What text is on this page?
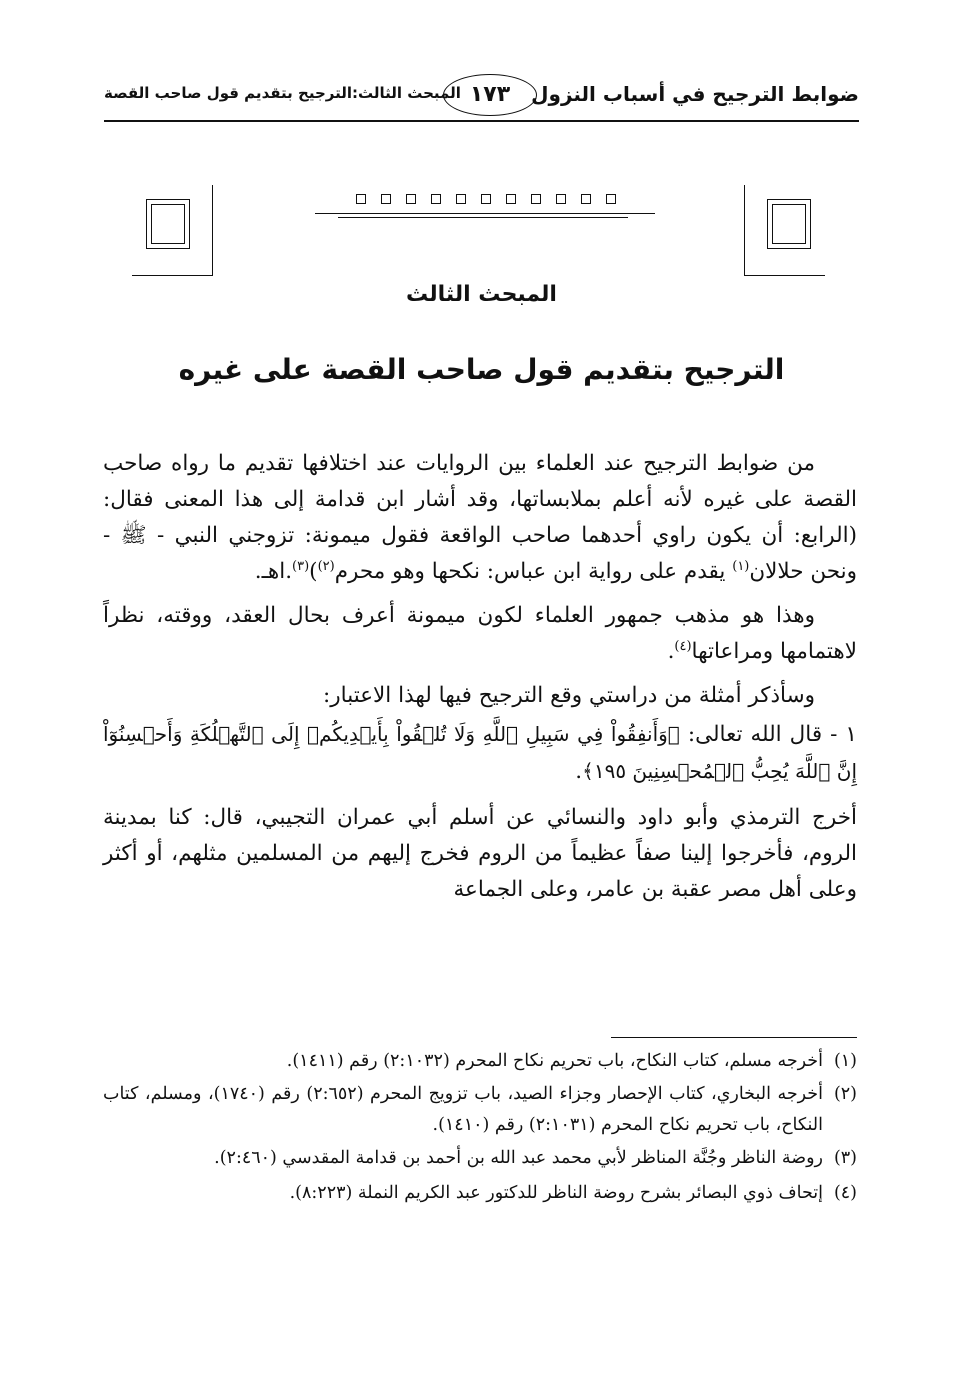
ضوابط الترجيح في أسباب النزول
١٧٣
المبحث الثالث:الترجيح بتقديم قول صاحب القصة
المبحث الثالث
الترجيح بتقديم قول صاحب القصة على غيره

من ضوابط الترجيح عند العلماء بين الروايات عند اختلافها تقديم ما رواه صاحب القصة على غيره لأنه أعلم بملابساتها، وقد أشار ابن قدامة إلى هذا المعنى فقال: (الرابع: أن يكون راوي أحدهما صاحب الواقعة فقول ميمونة: تزوجني النبي - ﷺ - ونحن حلالان$^{(١)}$ يقدم على رواية ابن عباس: نكحها وهو محرم$^{(٢)}$)$^{(٣)}$.اهـ.

وهذا هو مذهب جمهور العلماء لكون ميمونة أعرف بحال العقد، ووقته، نظراً لاهتمامها ومراعاتها$^{(٤)}$.

وسأذكر أمثلة من دراستي وقع الترجيح فيها لهذا الاعتبار:

١ - قال الله تعالى: ﴿وَأَنفِقُواْ فِي سَبِيلِ ٱللَّهِ وَلَا تُلۡقُواْ بِأَيۡدِيكُمۡ إِلَى ٱلتَّهۡلُكَةِ وَأَحۡسِنُوٓاْ إِنَّ ٱللَّهَ يُحِبُّ ٱلۡمُحۡسِنِينَ ١٩٥﴾.

أخرج الترمذي وأبو داود والنسائي عن أسلم أبي عمران التجيبي، قال: كنا بمدينة الروم، فأخرجوا إلينا صفاً عظيماً من الروم فخرج إليهم من المسلمين مثلهم، أو أكثر وعلى أهل مصر عقبة بن عامر، وعلى الجماعة

(١)
أخرجه مسلم، كتاب النكاح، باب تحريم نكاح المحرم (٢:١٠٣٢) رقم (١٤١١).
(٢)
أخرجه البخاري، كتاب الإحصار وجزاء الصيد، باب تزويج المحرم (٢:٦٥٢) رقم (١٧٤٠)، ومسلم، كتاب النكاح، باب تحريم نكاح المحرم (٢:١٠٣١) رقم (١٤١٠).
(٣)
روضة الناظر وجُنَّة المناظر لأبي محمد عبد الله بن أحمد بن قدامة المقدسي (٢:٤٦٠).
(٤)
إتحاف ذوي البصائر بشرح روضة الناظر للدكتور عبد الكريم النملة (٨:٢٢٣).
